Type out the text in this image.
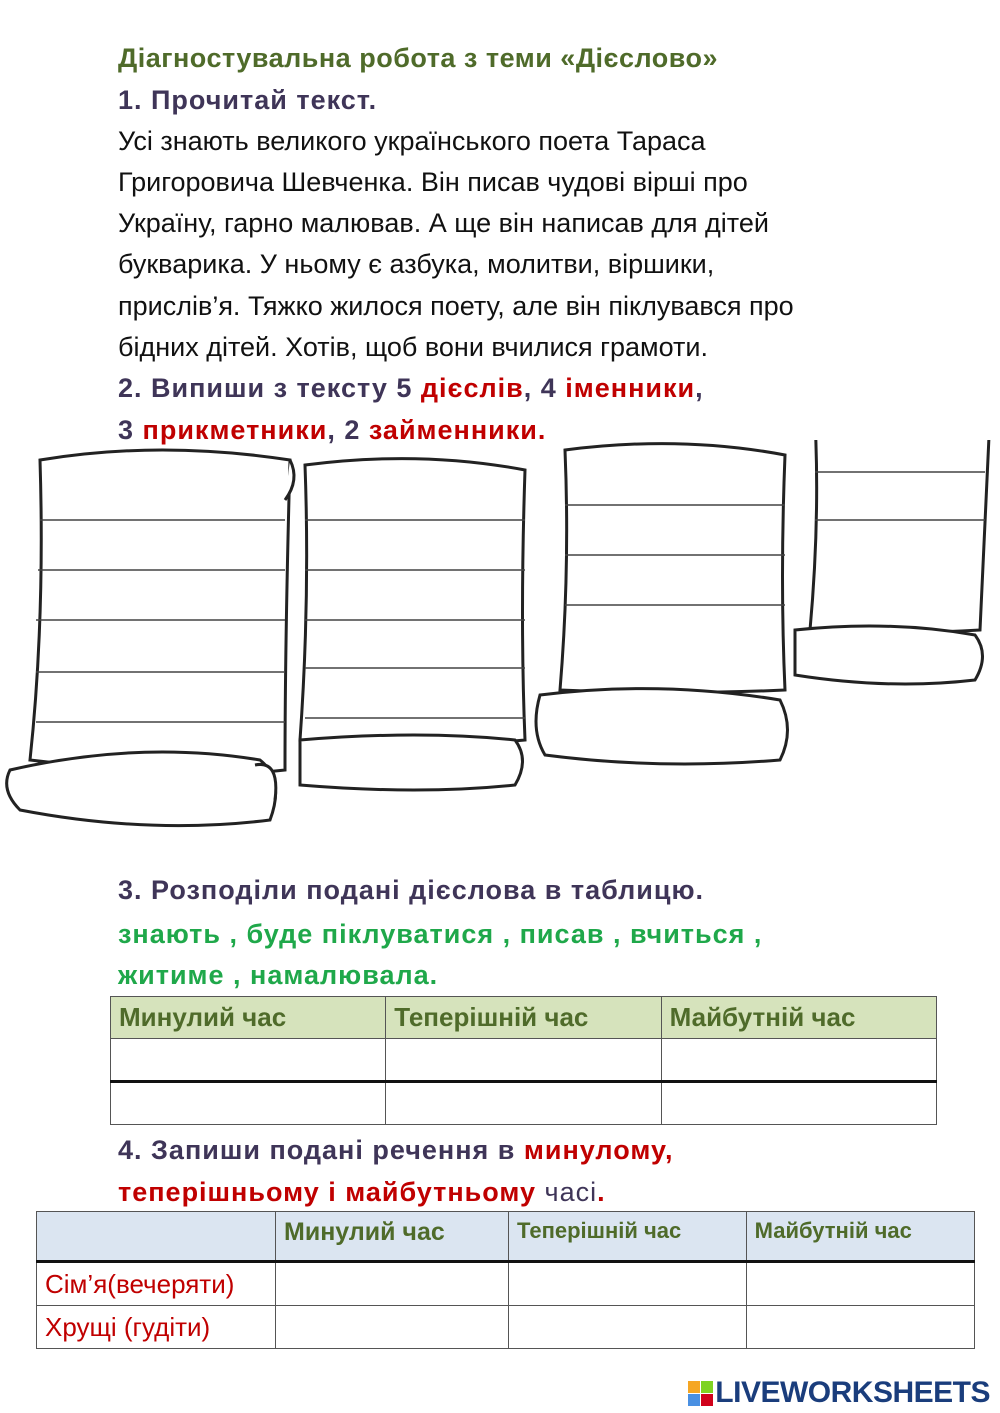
Діагностувальна робота з теми «Дієслово»
1. Прочитай текст.
Усі знають великого українського поета Тараса
Григоровича Шевченка. Він писав чудові вірші про
Україну, гарно малював. А ще він написав для дітей
букварика. У ньому є азбука, молитви, віршики,
прислів’я. Тяжко жилося поету, але він піклувався про
бідних дітей. Хотів, щоб вони вчилися грамоти.
2. Випиши з тексту 5 дієслів, 4 іменники,
3 прикметники, 2 займенники.
3. Розподіли подані дієслова в таблицю.
знають , буде піклуватися , писав , вчиться ,
житиме , намалювала.
Минулий час	Теперішній час	Майбутній час

4. Запиши подані речення в минулому,
теперішньому і майбутньому часі.
	Минулий час	Теперішній час	Майбутній час
Сім’я(вечеряти)			
Хрущі (гудіти)			
LIVEWORKSHEETS
